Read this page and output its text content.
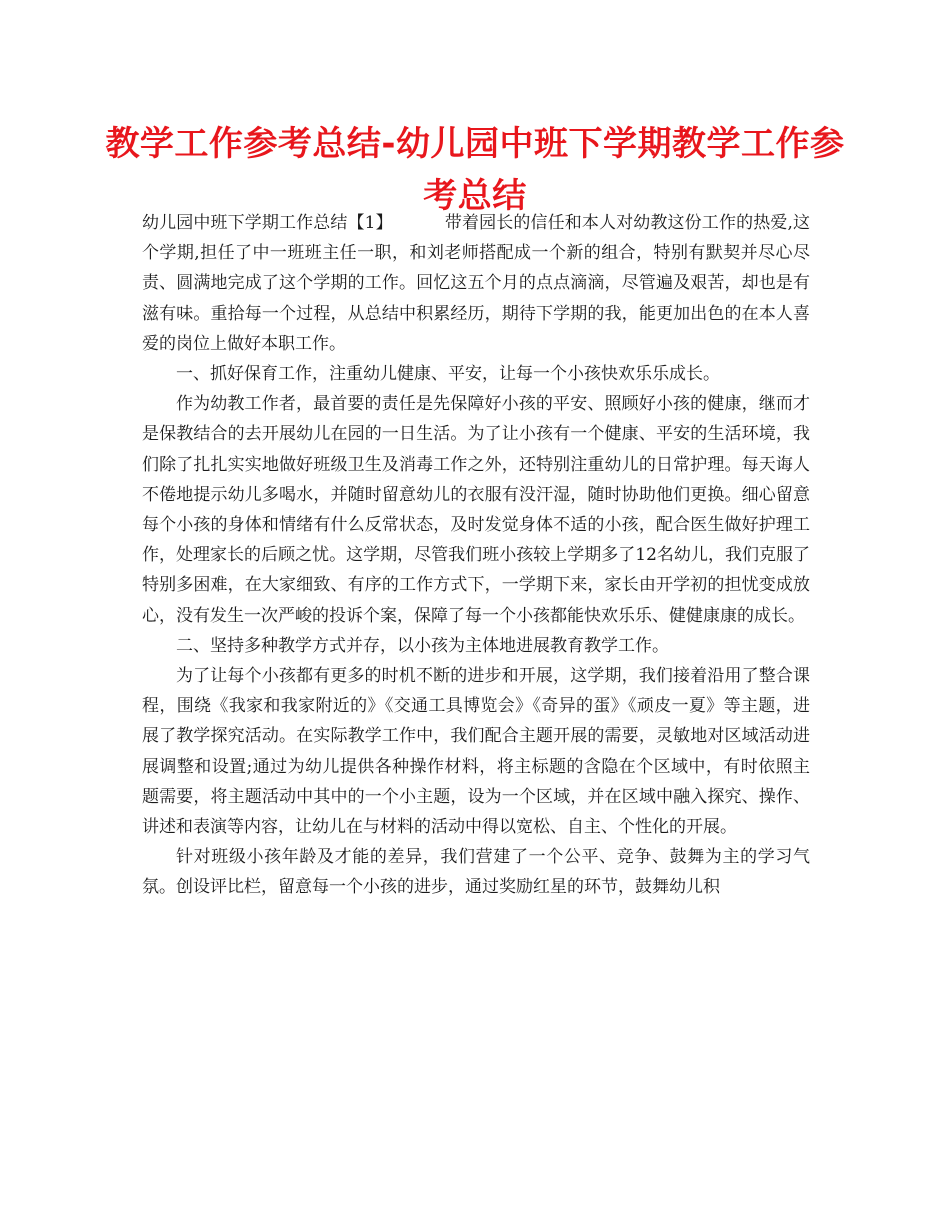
教学工作参考总结-幼儿园中班下学期教学工作参考总结

幼儿园中班下学期工作总结【1】	带着园长的信任和本人对幼教这份工作的热爱,这个学期,担任了中一班班主任一职，和刘老师搭配成一个新的组合，特别有默契并尽心尽责、圆满地完成了这个学期的工作。回忆这五个月的点点滴滴，尽管遍及艰苦，却也是有滋有味。重拾每一个过程，从总结中积累经历，期待下学期的我，能更加出色的在本人喜爱的岗位上做好本职工作。

一、抓好保育工作，注重幼儿健康、平安，让每一个小孩快欢乐乐成长。

作为幼教工作者，最首要的责任是先保障好小孩的平安、照顾好小孩的健康，继而才是保教结合的去开展幼儿在园的一日生活。为了让小孩有一个健康、平安的生活环境，我们除了扎扎实实地做好班级卫生及消毒工作之外，还特别注重幼儿的日常护理。每天诲人不倦地提示幼儿多喝水，并随时留意幼儿的衣服有没汗湿，随时协助他们更换。细心留意每个小孩的身体和情绪有什么反常状态，及时发觉身体不适的小孩，配合医生做好护理工作，处理家长的后顾之忧。这学期，尽管我们班小孩较上学期多了12名幼儿，我们克服了特别多困难，在大家细致、有序的工作方式下，一学期下来，家长由开学初的担忧变成放心，没有发生一次严峻的投诉个案，保障了每一个小孩都能快欢乐乐、健健康康的成长。

二、坚持多种教学方式并存，以小孩为主体地进展教育教学工作。

为了让每个小孩都有更多的时机不断的进步和开展，这学期，我们接着沿用了整合课程，围绕《我家和我家附近的》《交通工具博览会》《奇异的蛋》《顽皮一夏》等主题，进展了教学探究活动。在实际教学工作中，我们配合主题开展的需要，灵敏地对区域活动进展调整和设置;通过为幼儿提供各种操作材料，将主标题的含隐在个区域中，有时依照主题需要，将主题活动中其中的一个小主题，设为一个区域，并在区域中融入探究、操作、讲述和表演等内容，让幼儿在与材料的活动中得以宽松、自主、个性化的开展。

针对班级小孩年龄及才能的差异，我们营建了一个公平、竞争、鼓舞为主的学习气氛。创设评比栏，留意每一个小孩的进步，通过奖励红星的环节，鼓舞幼儿积
